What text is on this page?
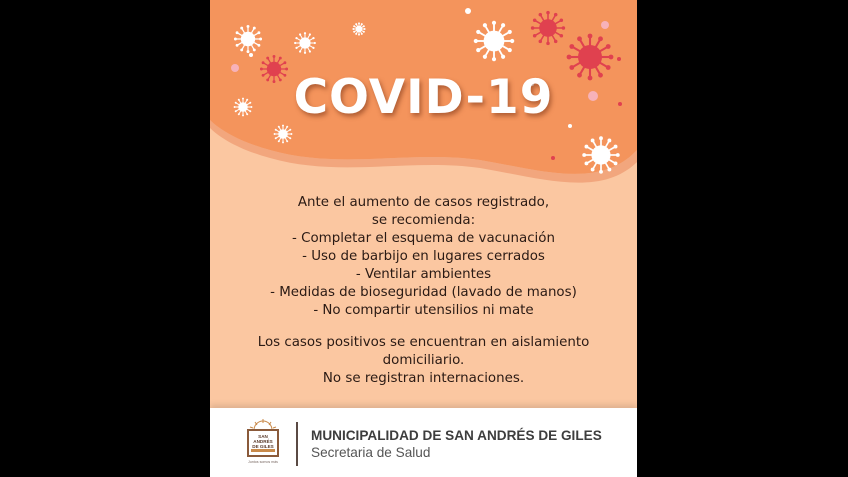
COVID-19
Ante el aumento de casos registrado,
se recomienda:
- Completar el esquema de vacunación
- Uso de barbijo en lugares cerrados
- Ventilar ambientes
- Medidas de bioseguridad (lavado de manos)
- No compartir utensilios ni mate
Los casos positivos se encuentran en aislamiento
domiciliario.
No se registran internaciones.
SAN
ANDRÉS
DE GILES
Juntos somos más
MUNICIPALIDAD DE SAN ANDRÉS DE GILES
Secretaria de Salud
